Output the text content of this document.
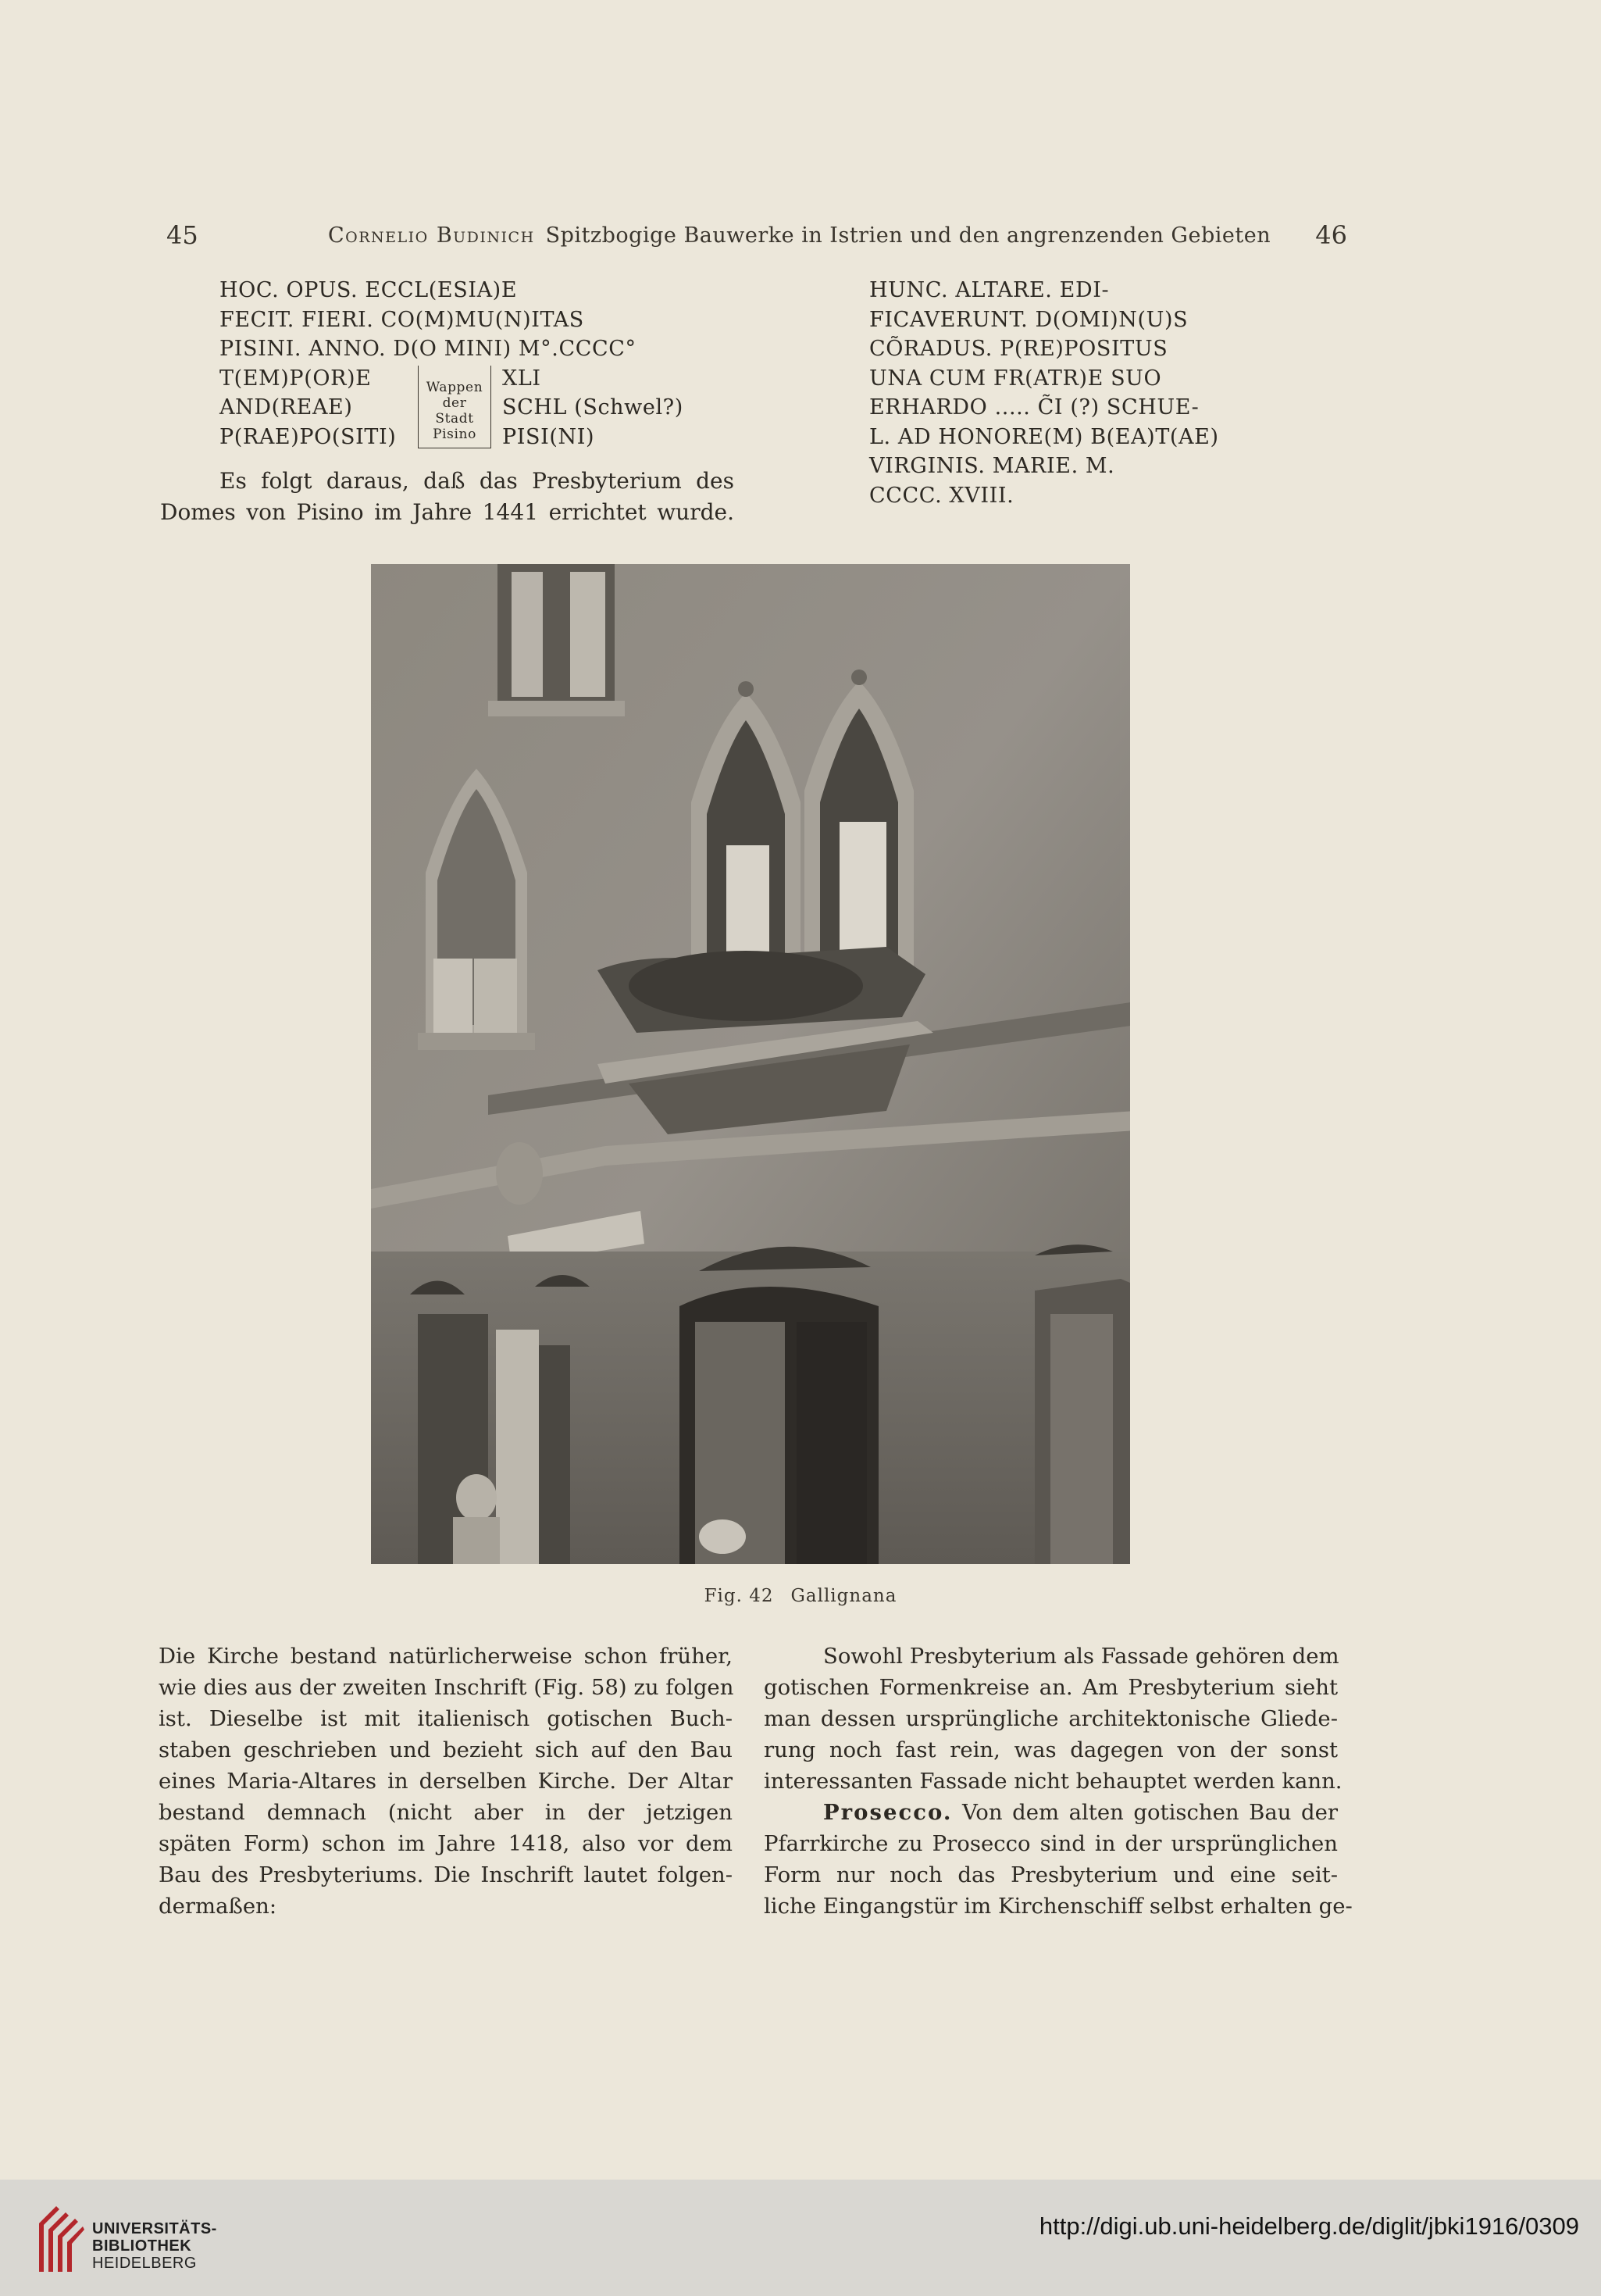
45	Cornelio Budinich Spitzbogige Bauwerke in Istrien und den angrenzenden Gebieten 46
HOC. OPUS. ECCL(ESIA)E
FECIT. FIERI. CO(M)MU(N)ITAS
PISINI. ANNO. D(O MINI) M°.CCCC°
T(EM)P(OR)E	XLI
AND(REAE)	SCHL (Schwel?)
P(RAE)PO(SITI)	PISI(NI)
Wappen
der
Stadt
Pisino
Es folgt daraus, daß das Presbyterium des
Domes von Pisino im Jahre 1441 errichtet wurde.
HUNC. ALTARE. EDI-
FICAVERUNT. D(OMI)N(U)S
CÕRADUS. P(RE)POSITUS
UNA CUM FR(ATR)E SUO
ERHARDO ..... C̃I (?) SCHUE-
L. AD HONORE(M) B(EA)T(AE)
VIRGINIS. MARIE. M.
CCCC. XVIII.
Fig. 42 Gallignana
Die Kirche bestand natürlicherweise schon früher,
wie dies aus der zweiten Inschrift (Fig. 58) zu folgen
ist. Dieselbe ist mit italienisch gotischen Buch-
staben geschrieben und bezieht sich auf den Bau
eines Maria-Altares in derselben Kirche. Der Altar
bestand demnach (nicht aber in der jetzigen
späten Form) schon im Jahre 1418, also vor dem
Bau des Presbyteriums. Die Inschrift lautet folgen-
dermaßen:
Sowohl Presbyterium als Fassade gehören dem
gotischen Formenkreise an. Am Presbyterium sieht
man dessen ursprüngliche architektonische Gliede-
rung noch fast rein, was dagegen von der sonst
interessanten Fassade nicht behauptet werden kann.
Prosecco. Von dem alten gotischen Bau der
Pfarrkirche zu Prosecco sind in der ursprünglichen
Form nur noch das Presbyterium und eine seit-
liche Eingangstür im Kirchenschiff selbst erhalten ge-
UNIVERSITÄTS-
BIBLIOTHEK
HEIDELBERG
http://digi.ub.uni-heidelberg.de/diglit/jbki1916/0309
